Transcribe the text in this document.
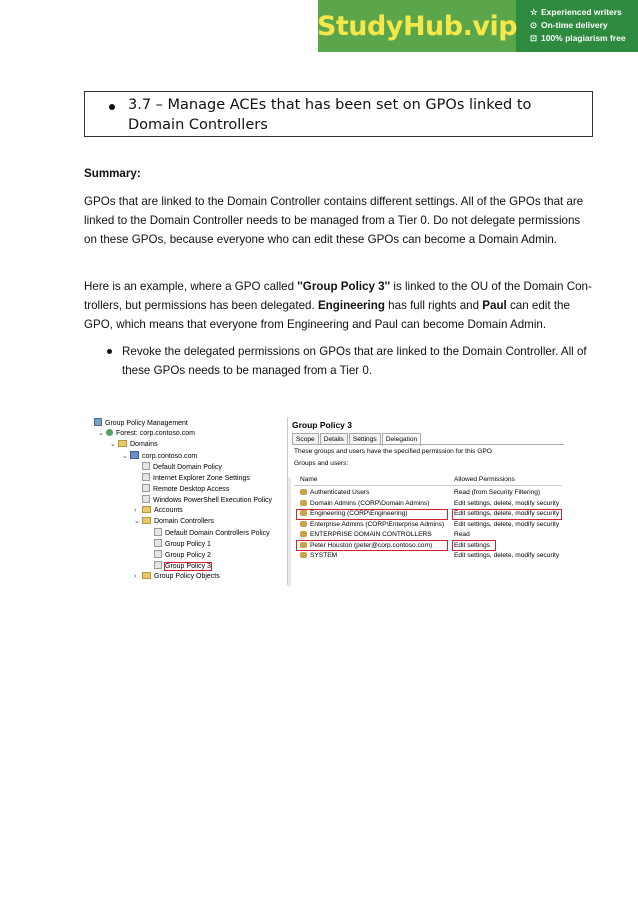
StudyHub.vip ☆ Experienced writers
⊙ On-time delivery
⊡ 100% plagiarism free
3.7 – Manage ACEs that has been set on GPOs linked to Domain Controllers
Summary:
GPOs that are linked to the Domain Controller contains different settings. All of the GPOs that are linked to the Domain Controller needs to be managed from a Tier 0. Do not delegate permissions on these GPOs, because everyone who can edit these GPOs can become a Domain Admin.
Here is an example, where a GPO called ''Group Policy 3'' is linked to the OU of the Domain Con-trollers, but permissions has been delegated. Engineering has full rights and Paul can edit the GPO, which means that everyone from Engineering and Paul can become Domain Admin.
Revoke the delegated permissions on GPOs that are linked to the Domain Controller. All of these GPOs needs to be managed from a Tier 0.
Group Policy Management
⌄ Forest: corp.contoso.com
⌄ Domains
⌄ corp.contoso.com
Default Domain Policy
Internet Explorer Zone Settings
Remote Desktop Access
Windows PowerShell Execution Policy
›	Accounts
⌄ Domain Controllers
Default Domain Controllers Policy
Group Policy 1
Group Policy 2
Group Policy 3
›	Group Policy Objects
Group Policy 3
Scope	Details	Settings	Delegation
These groups and users have the specified permission for this GPO
Groups and users:
Name	Allowed Permissions
Authenticated Users	Read (from Security Filtering)
Domain Admins (CORP\Domain Admins)	Edit settings, delete, modify security
Engineering (CORP\Engineering)	Edit settings, delete, modify security
Enterprise Admins (CORP\Enterprise Admins) Edit settings, delete, modify security
ENTERPRISE DOMAIN CONTROLLERS	Read
Peter Houston (peter@corp.contoso.com)	Edit settings
SYSTEM	Edit settings, delete, modify security
